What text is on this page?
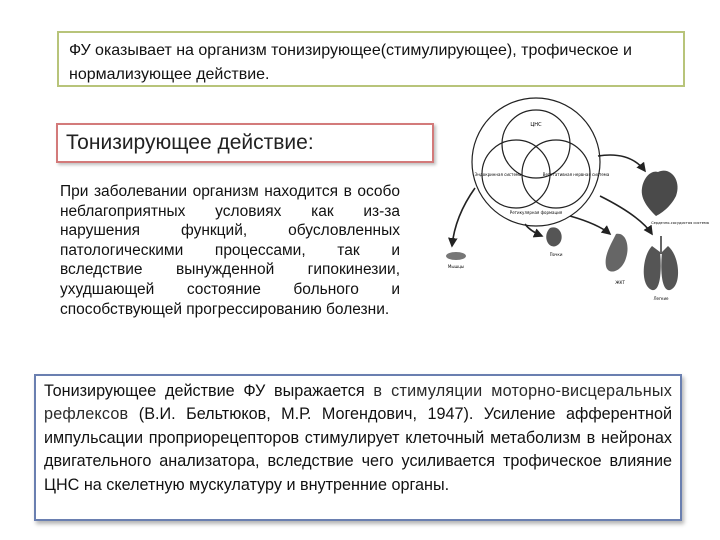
ФУ оказывает на организм тонизирующее(стимулирующее), трофическое и нормализующее действие.
Тонизирующее действие:
При заболевании организм находится в особо неблагоприятных условиях как из-за нарушения функций, обусловленных патологическими процессами, так и вследствие вынужденной гипокинезии, ухудшающей состояние больного и способствующей прогрессированию болезни.
ЦНС
Эндокринная система	Вегетативная нервная система
Ретикулярная формация
Мышцы
Почки
ЖКТ
Сердечно-сосудистая система
Легкие
Тонизирующее действие ФУ выражается в стимуляции моторно-висцеральных рефлексов (В.И. Бельтюков, М.Р. Могендович, 1947). Усиление афферентной импульсации проприорецепторов стимулирует клеточный метаболизм в нейронах двигательного анализатора, вследствие чего усиливается трофическое влияние ЦНС на скелетную мускулатуру и внутренние органы.
